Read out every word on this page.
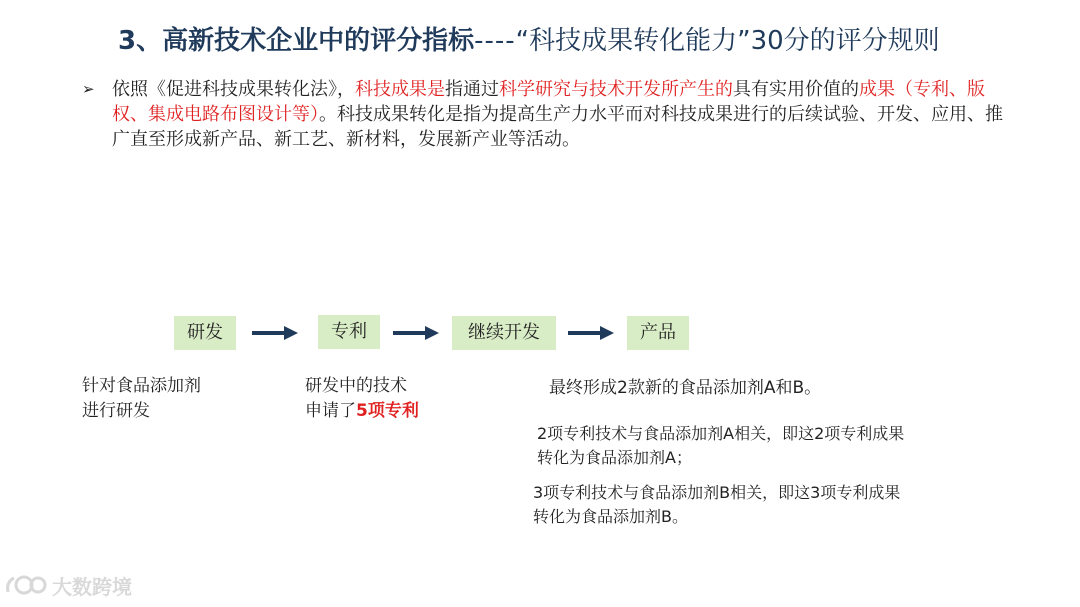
3、高新技术企业中的评分指标----“科技成果转化能力”30分的评分规则
➢ 依照《促进科技成果转化法》，科技成果是指通过科学研究与技术开发所产生的具有实用价值的成果（专利、版权、集成电路布图设计等）。科技成果转化是指为提高生产力水平而对科技成果进行的后续试验、开发、应用、推广直至形成新产品、新工艺、新材料，发展新产业等活动。
研发	专利	继续开发	产品
针对食品添加剂
进行研发
研发中的技术
申请了5项专利
最终形成2款新的食品添加剂A和B。
2项专利技术与食品添加剂A相关，即这2项专利成果
转化为食品添加剂A；
3项专利技术与食品添加剂B相关，即这3项专利成果
转化为食品添加剂B。
大数跨境
